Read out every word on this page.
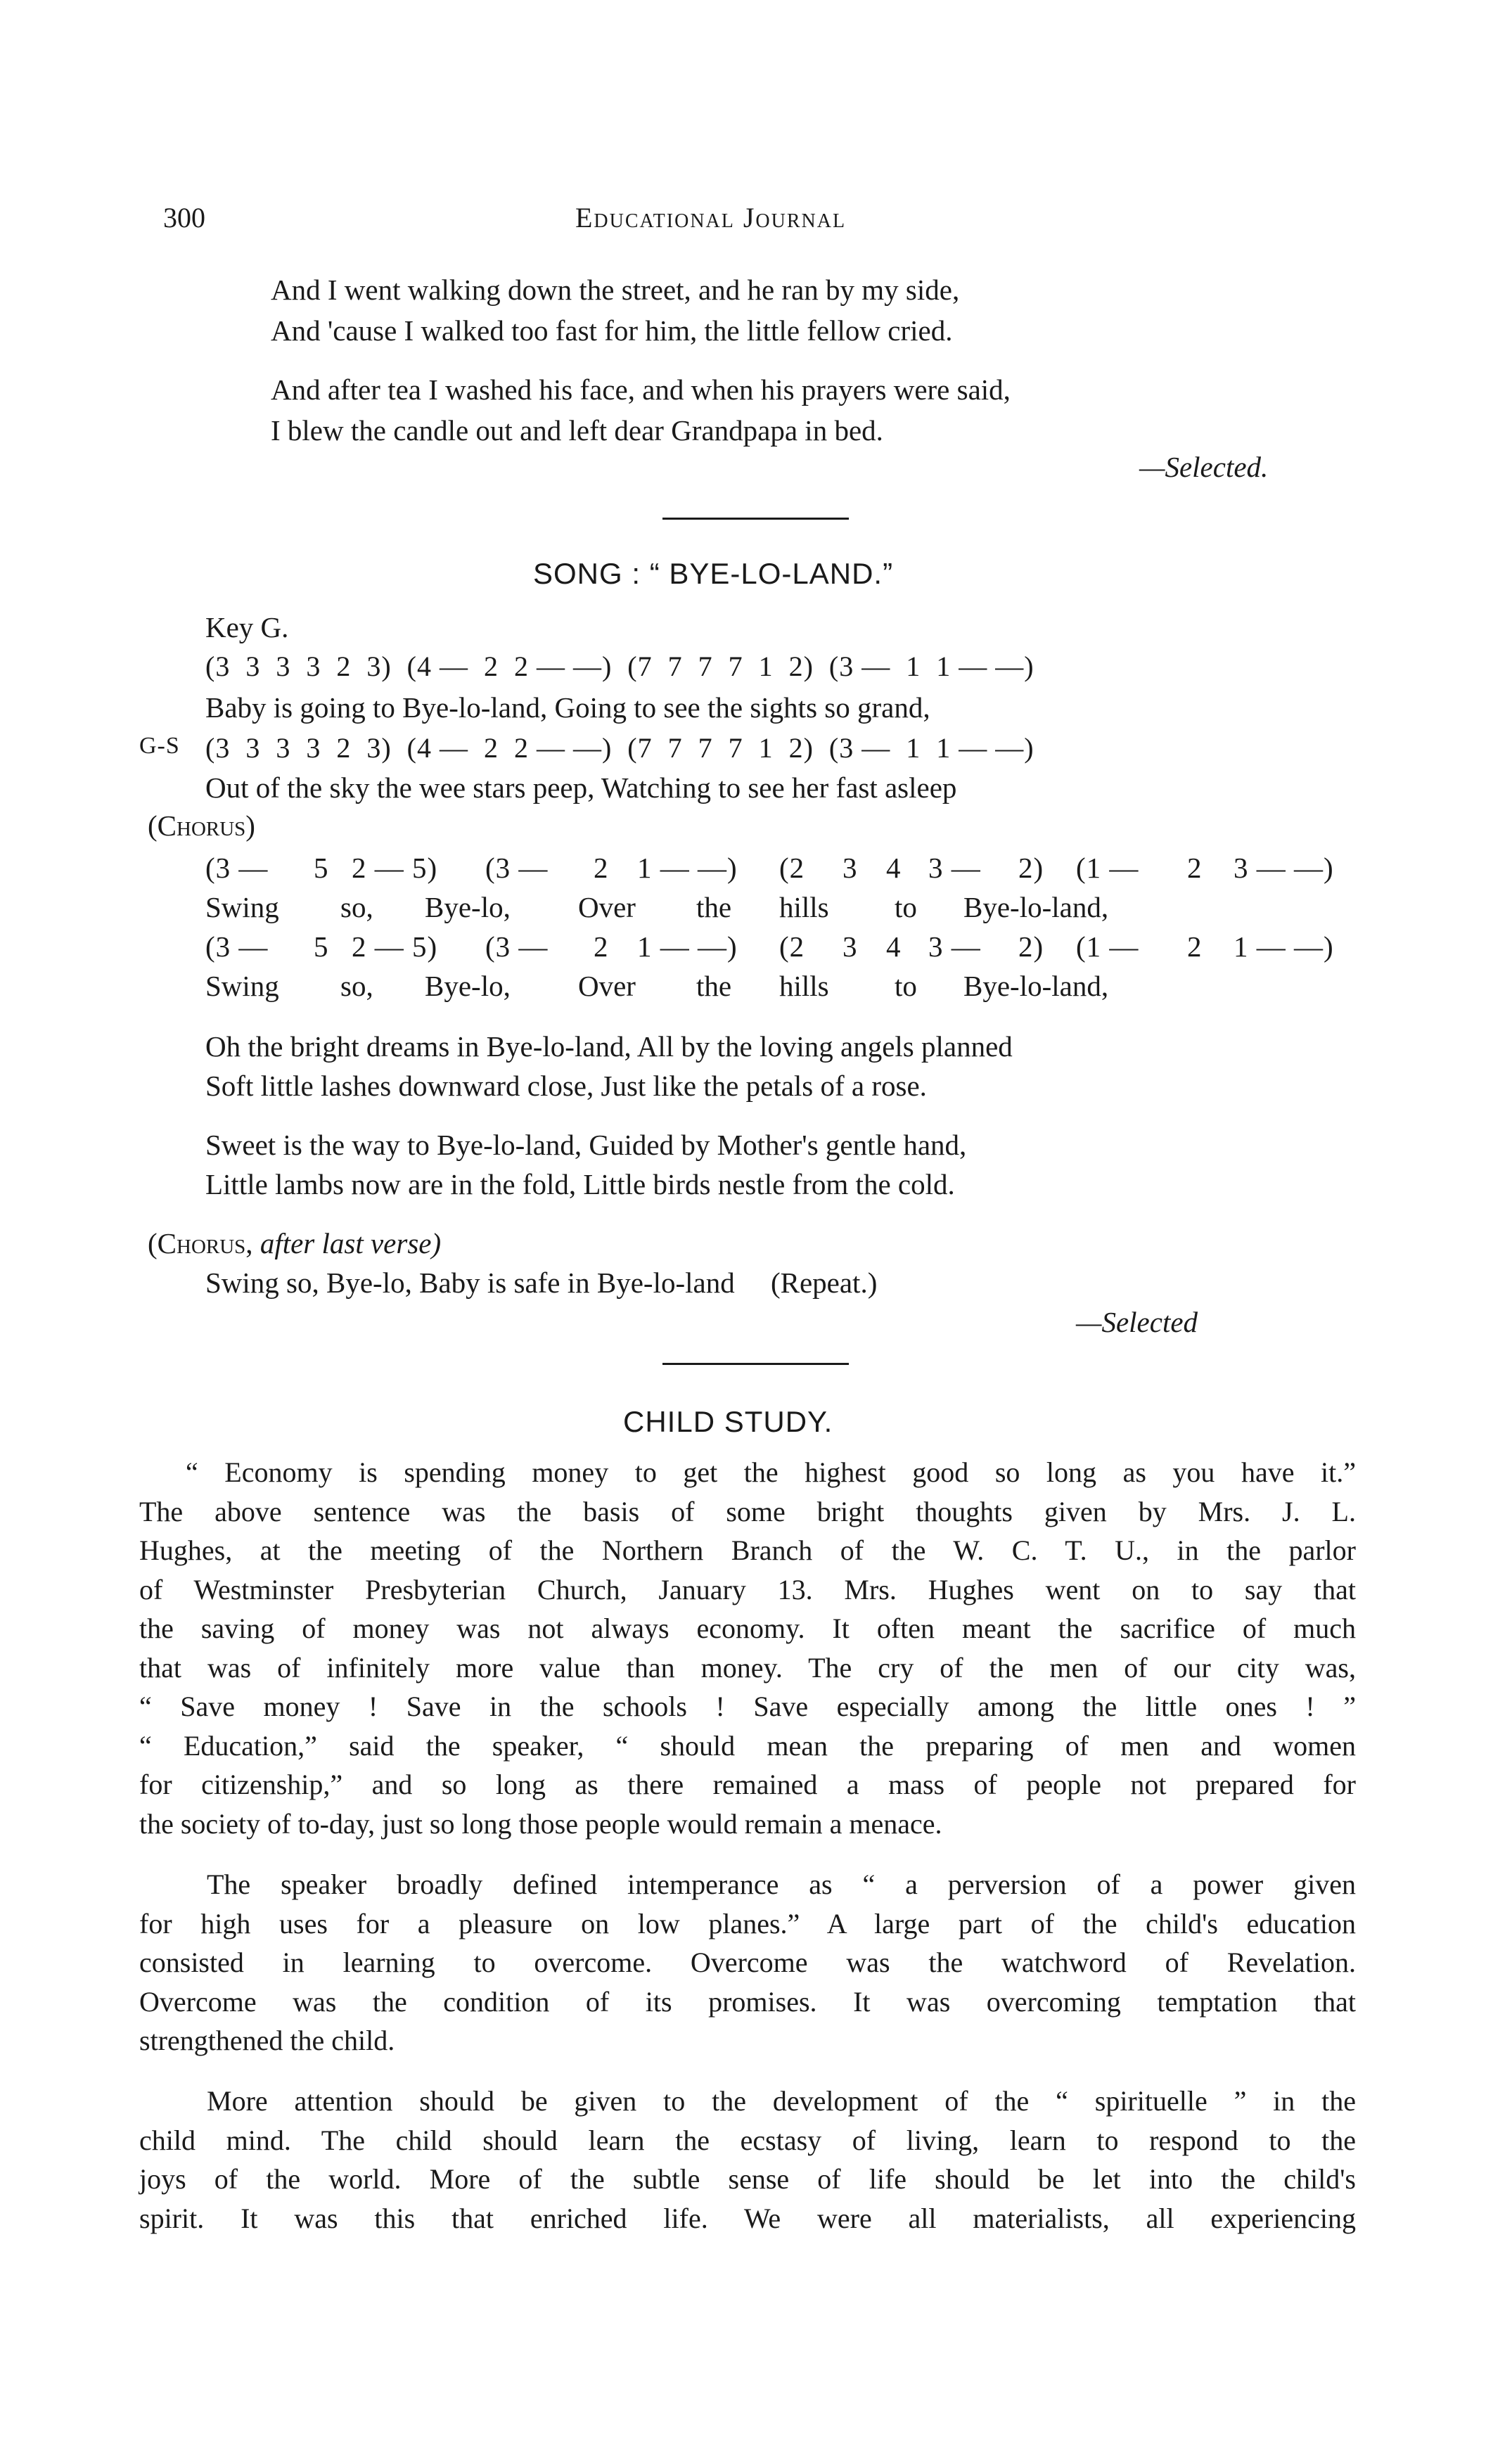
300	Educational Journal
And I went walking down the street, and he ran by my side,
And 'cause I walked too fast for him, the little fellow cried.
And after tea I washed his face, and when his prayers were said,
I blew the candle out and left dear Grandpapa in bed.
—Selected.
SONG : “ BYE-LO-LAND.”
Key G.
(3  3  3  3  2  3)  (4 —  2  2 — —)  (7  7  7  7  1  2)  (3 —  1  1 — —)
Baby is going to Bye-lo-land, Going to see the sights so grand,
G-S (3  3  3  3  2  3)  (4 —  2  2 — —)  (7  7  7  7  1  2)  (3 —  1  1 — —)
Out of the sky the wee stars peep, Watching to see her fast asleep
(Chorus)
(3 — 5 2 — 5) (3 — 2 1 — —) (2 3 4 3 — 2) (1 — 2 3 — —)
Swing so, Bye-lo, Over the hills to Bye-lo-land,
(3 — 5 2 — 5) (3 — 2 1 — —) (2 3 4 3 — 2) (1 — 2 1 — —)
Swing so, Bye-lo, Over the hills to Bye-lo-land,
Oh the bright dreams in Bye-lo-land, All by the loving angels planned
Soft little lashes downward close, Just like the petals of a rose.
Sweet is the way to Bye-lo-land, Guided by Mother's gentle hand,
Little lambs now are in the fold, Little birds nestle from the cold.
(Chorus, after last verse)
Swing so, Bye-lo, Baby is safe in Bye-lo-land     (Repeat.)
—Selected
CHILD STUDY.
“ Economy is spending money to get the highest good so long as you have it.”
The above sentence was the basis of some bright thoughts given by Mrs. J. L.
Hughes, at the meeting of the Northern Branch of the W. C. T. U., in the parlor
of Westminster Presbyterian Church, January 13. Mrs. Hughes went on to say that
the saving of money was not always economy. It often meant the sacrifice of much
that was of infinitely more value than money. The cry of the men of our city was,
“ Save money ! Save in the schools ! Save especially among the little ones ! ”
“ Education,” said the speaker, “ should mean the preparing of men and women
for citizenship,” and so long as there remained a mass of people not prepared for
the society of to-day, just so long those people would remain a menace.
The speaker broadly defined intemperance as “ a perversion of a power given
for high uses for a pleasure on low planes.” A large part of the child's education
consisted in learning to overcome. Overcome was the watchword of Revelation.
Overcome was the condition of its promises. It was overcoming temptation that
strengthened the child.
More attention should be given to the development of the “ spirituelle ” in the
child mind. The child should learn the ecstasy of living, learn to respond to the
joys of the world. More of the subtle sense of life should be let into the child's
spirit. It was this that enriched life. We were all materialists, all experiencing
